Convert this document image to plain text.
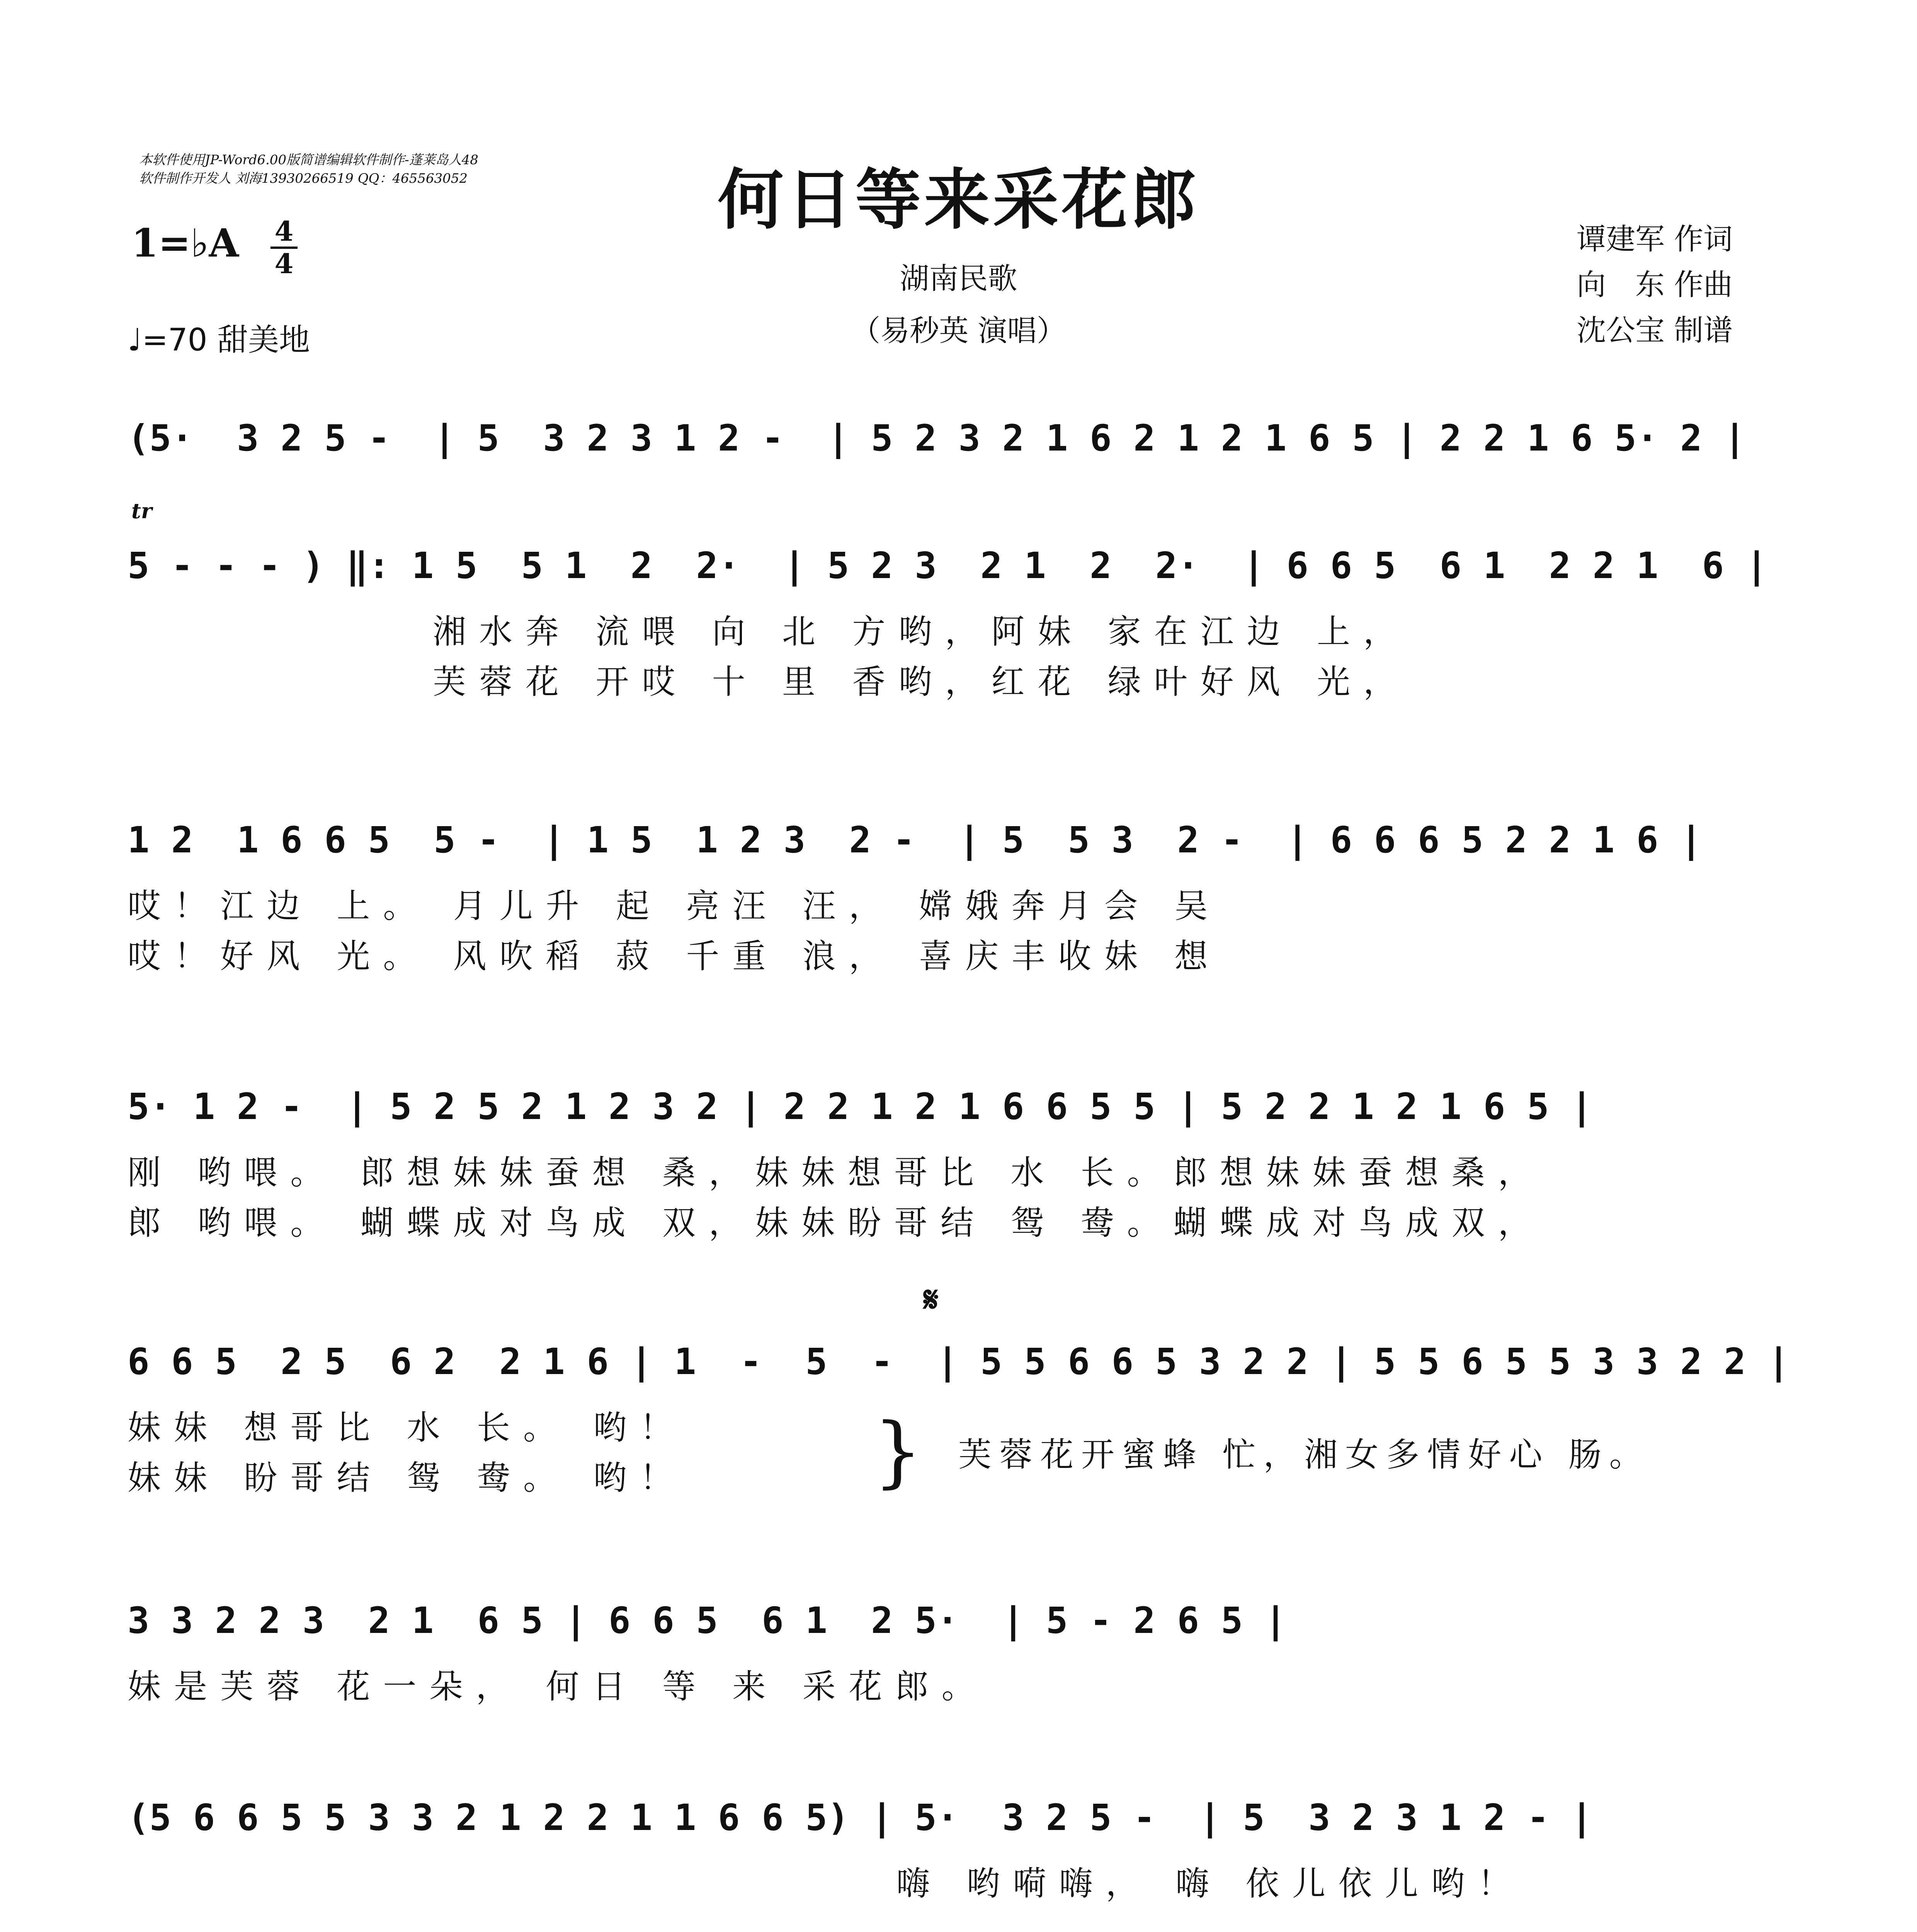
本软件使用JP-Word6.00版简谱编辑软件制作-蓬莱岛人48
软件制作开发人 刘海13930266519 QQ：465563052	何日等来采花郎
湖南民歌
（易秒英 演唱）
1=♭A 4
4
♩=70 甜美地
谭建军 作词
向　东 作曲
沈公宝 制谱
(5·  3 2 5 -  | 5  3 2 3 1 2 -  | 5 2 3 2 1 6 2 1 2 1 6 5 | 2 2 1 6 5· 2 |
tr
5 - - - ) ‖: 1 5  5 1  2  2·  | 5 2 3  2 1  2  2·  | 6 6 5  6 1  2 2 1  6 |
湘水奔 流喂 向 北 方哟，阿妹 家在江边 上，
芙蓉花 开哎 十 里 香哟，红花 绿叶好风 光，
1 2  1 6 6 5  5 -  | 1 5  1 2 3  2 -  | 5  5 3  2 -  | 6 6 6 5 2 2 1 6 |
哎！江边 上。 月儿升 起 亮汪 汪， 嫦娥奔月会 吴
哎！好风 光。 风吹稻 菽 千重 浪， 喜庆丰收妹 想
5· 1 2 -  | 5 2 5 2 1 2 3 2 | 2 2 1 2 1 6 6 5 5 | 5 2 2 1 2 1 6 5 |
刚 哟喂。 郎想妹妹蚕想 桑，妹妹想哥比 水 长。郎想妹妹蚕想桑，
郎 哟喂。 蝴蝶成对鸟成 双，妹妹盼哥结 鸳 鸯。蝴蝶成对鸟成双，
𝄋
6 6 5  2 5  6 2  2 1 6 | 1  -  5  -  | 5 5 6 6 5 3 2 2 | 5 5 6 5 5 3 3 2 2 |
妹妹 想哥比 水 长。 哟！
妹妹 盼哥结 鸳 鸯。 哟！
芙蓉花开蜜蜂 忙，湘女多情好心 肠。
}
3 3 2 2 3  2 1  6 5 | 6 6 5  6 1  2 5·  | 5 - 2 6 5 |
妹是芙蓉 花一朵， 何日 等 来 采花郎。
(5 6 6 5 5 3 3 2 1 2 2 1 1 6 6 5) | 5·  3 2 5 -  | 5  3 2 3 1 2 - |
嗨 哟嗬嗨， 嗨 依儿依儿哟！
